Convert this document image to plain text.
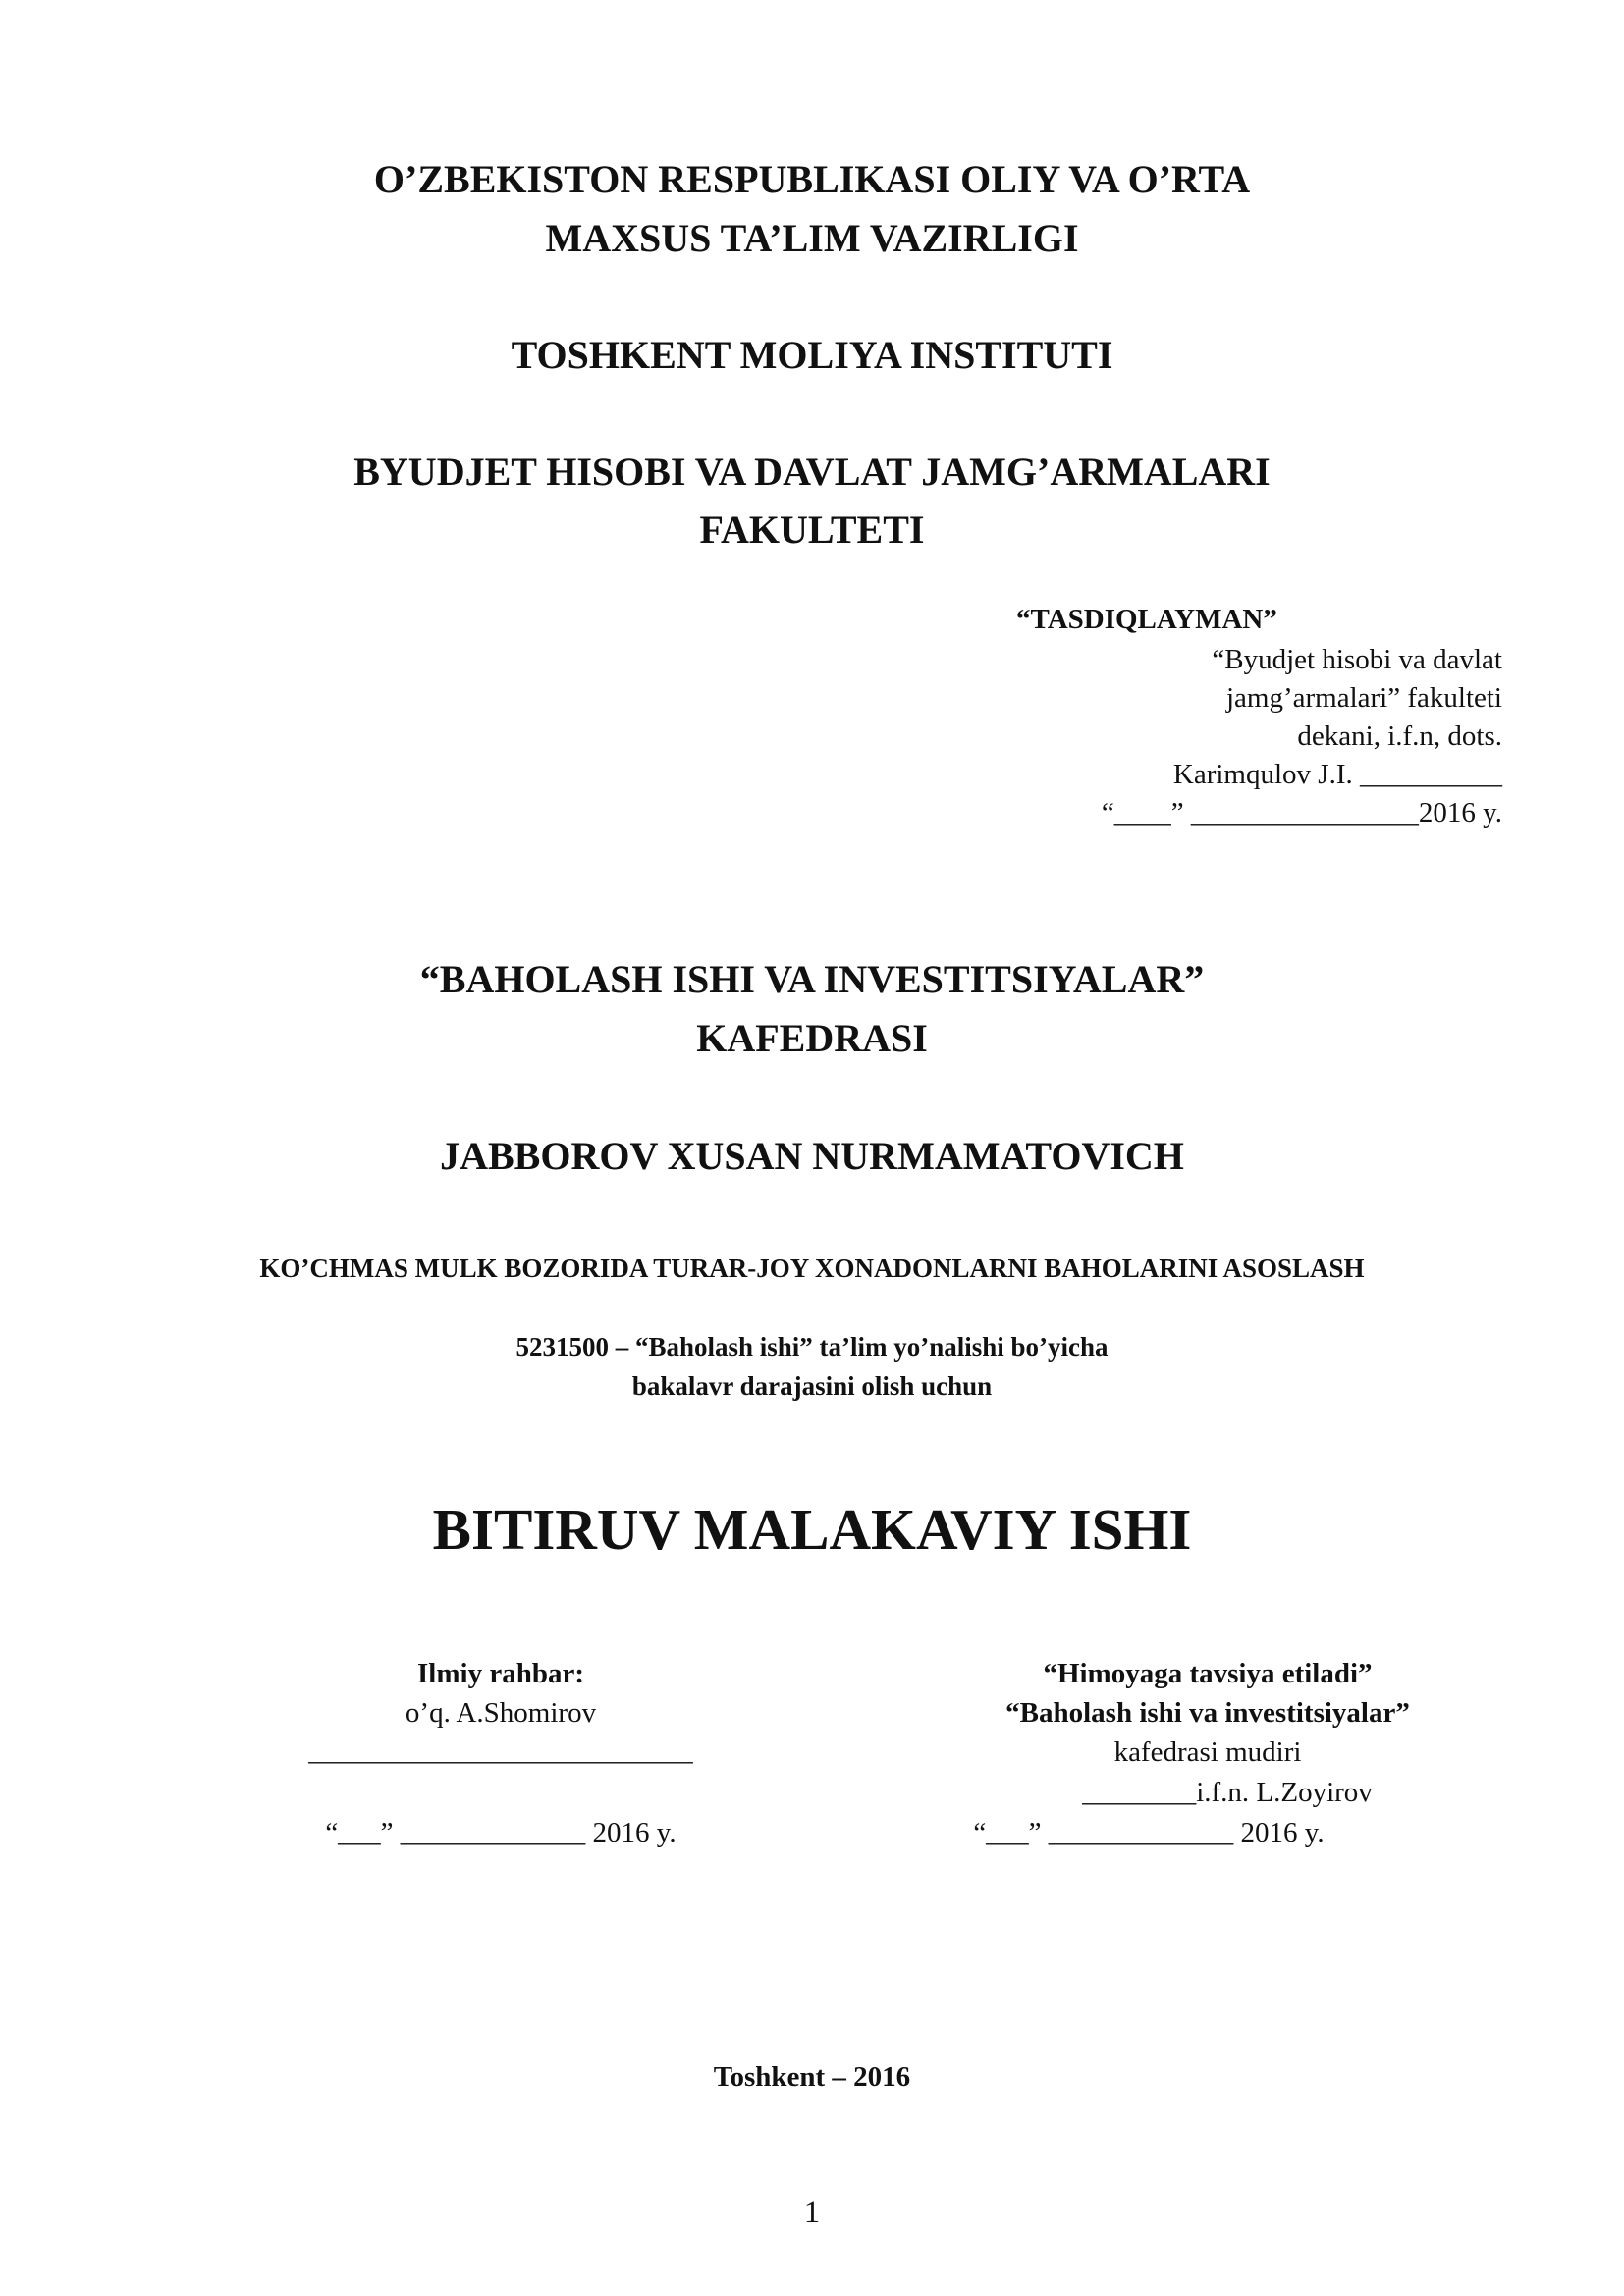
O’ZBEKISTON RESPUBLIKASI OLIY VA O’RTA
MAXSUS TA’LIM VAZIRLIGI
TOSHKENT MOLIYA INSTITUTI
BYUDJET HISOBI VA DAVLAT JAMG’ARMALARI
FAKULTETI
“TASDIQLAYMAN”
“Byudjet hisobi va davlat
jamg’armalari” fakulteti
dekani, i.f.n, dots.
Karimqulov J.I. __________
“____” ________________2016 y.
“BAHOLASH ISHI VA INVESTITSIYALAR”
KAFEDRASI
JABBOROV XUSAN NURMAMATOVICH
KO’CHMAS MULK BOZORIDA TURAR-JOY XONADONLARNI BAHOLARINI ASOSLASH
5231500 – “Baholash ishi” ta’lim yo’nalishi bo’yicha
bakalavr darajasini olish uchun
BITIRUV MALAKAVIY ISHI
Ilmiy rahbar:
o’q. A.Shomirov
___________________________
“___” _____________ 2016 y.
“Himoyaga tavsiya etiladi”
“Baholash ishi va investitsiyalar”
kafedrasi mudiri
________i.f.n. L.Zoyirov
“___” _____________ 2016 y.
Toshkent – 2016
1
